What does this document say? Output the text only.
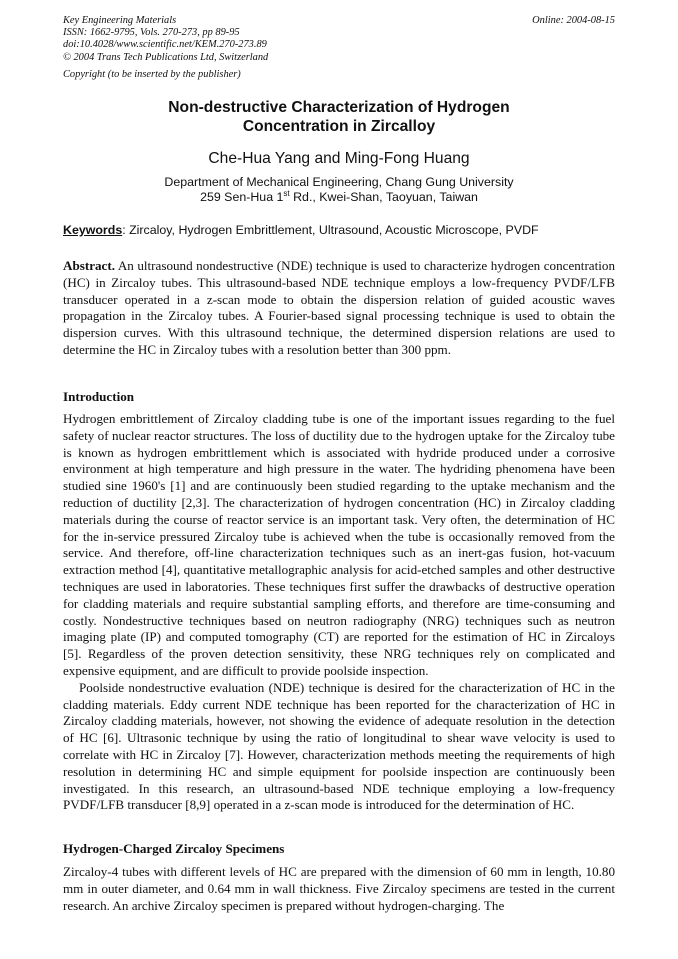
Key Engineering Materials
ISSN: 1662-9795, Vols. 270-273, pp 89-95
doi:10.4028/www.scientific.net/KEM.270-273.89
© 2004 Trans Tech Publications Ltd, Switzerland
Online: 2004-08-15
Copyright (to be inserted by the publisher)
Non-destructive Characterization of Hydrogen
Concentration in Zircalloy
Che-Hua Yang and Ming-Fong Huang
Department of Mechanical Engineering, Chang Gung University
259 Sen-Hua 1st Rd., Kwei-Shan, Taoyuan, Taiwan
Keywords: Zircaloy, Hydrogen Embrittlement, Ultrasound, Acoustic Microscope, PVDF
Abstract. An ultrasound nondestructive (NDE) technique is used to characterize hydrogen concentration (HC) in Zircaloy tubes. This ultrasound-based NDE technique employs a low-frequency PVDF/LFB transducer operated in a z-scan mode to obtain the dispersion relation of guided acoustic waves propagation in the Zircaloy tubes. A Fourier-based signal processing technique is used to obtain the dispersion curves. With this ultrasound technique, the determined dispersion relations are used to determine the HC in Zircaloy tubes with a resolution better than 300 ppm.
Introduction

Hydrogen embrittlement of Zircaloy cladding tube is one of the important issues regarding to the fuel safety of nuclear reactor structures. The loss of ductility due to the hydrogen uptake for the Zircaloy tube is known as hydrogen embrittlement which is associated with hydride produced under a corrosive environment at high temperature and high pressure in the water. The hydriding phenomena have been studied sine 1960's [1] and are continuously been studied regarding to the uptake mechanism and the reduction of ductility [2,3]. The characterization of hydrogen concentration (HC) in Zircaloy cladding materials during the course of reactor service is an important task. Very often, the determination of HC for the in-service pressured Zircaloy tube is achieved when the tube is occasionally removed from the service. And therefore, off-line characterization techniques such as an inert-gas fusion, hot-vacuum extraction method [4], quantitative metallographic analysis for acid-etched samples and other destructive techniques are used in laboratories. These techniques first suffer the drawbacks of destructive operation for cladding materials and require substantial sampling efforts, and therefore are time-consuming and costly. Nondestructive techniques based on neutron radiography (NRG) techniques such as neutron imaging plate (IP) and computed tomography (CT) are reported for the estimation of HC in Zircaloys [5]. Regardless of the proven detection sensitivity, these NRG techniques rely on complicated and expensive equipment, and are difficult to provide poolside inspection.

Poolside nondestructive evaluation (NDE) technique is desired for the characterization of HC in the cladding materials. Eddy current NDE technique has been reported for the characterization of HC in Zircaloy cladding materials, however, not showing the evidence of adequate resolution in the detection of HC [6]. Ultrasonic technique by using the ratio of longitudinal to shear wave velocity is used to correlate with HC in Zircaloy [7]. However, characterization methods meeting the requirements of high resolution in determining HC and simple equipment for poolside inspection are continuously been investigated. In this research, an ultrasound-based NDE technique employing a low-frequency PVDF/LFB transducer [8,9] operated in a z-scan mode is introduced for the determination of HC.

Hydrogen-Charged Zircaloy Specimens
Zircaloy-4 tubes with different levels of HC are prepared with the dimension of 60 mm in length, 10.80 mm in outer diameter, and 0.64 mm in wall thickness. Five Zircaloy specimens are tested in the current research. An archive Zircaloy specimen is prepared without hydrogen-charging. The
